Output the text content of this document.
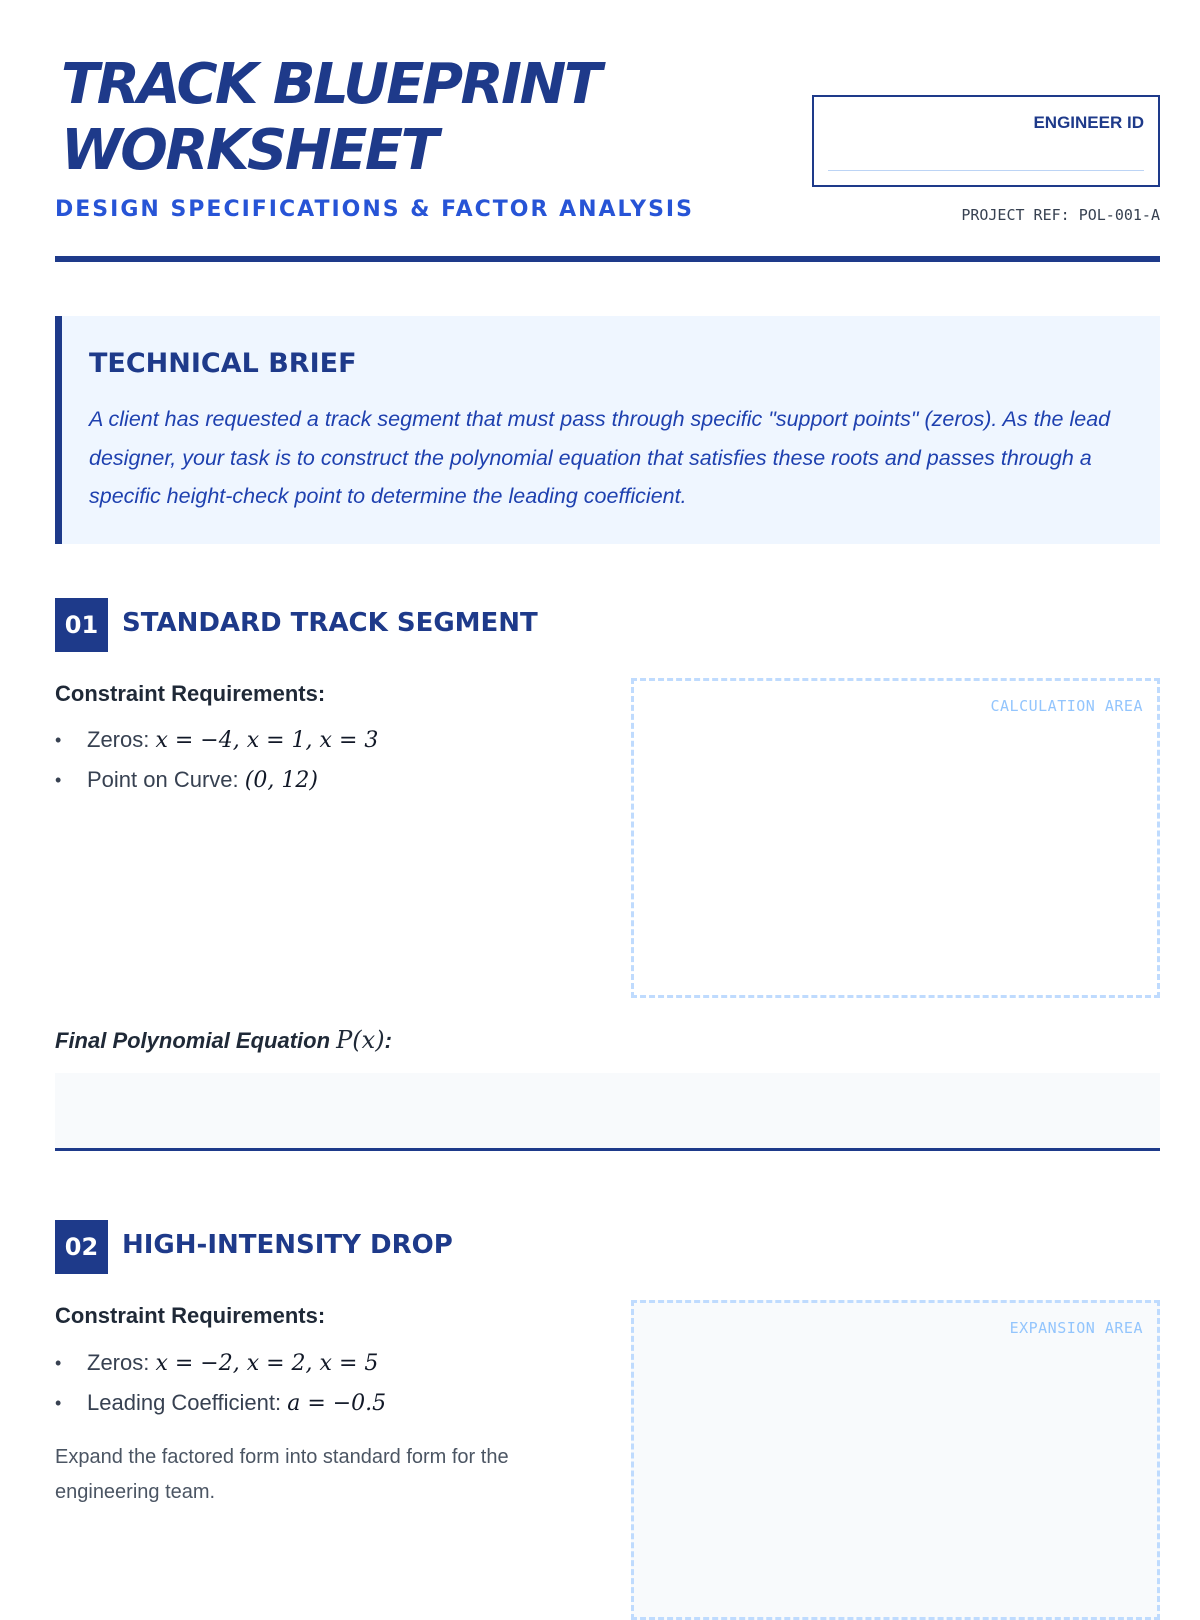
TRACK BLUEPRINT
WORKSHEET
DESIGN SPECIFICATIONS & FACTOR ANALYSIS
ENGINEER ID
PROJECT REF: POL-001-A
TECHNICAL BRIEF

A client has requested a track segment that must pass through specific "support points" (zeros). As the lead designer, your task is to construct the polynomial equation that satisfies these roots and passes through a specific height-check point to determine the leading coefficient.

01 STANDARD TRACK SEGMENT
Constraint Requirements:
• Zeros: x = −4, x = 1, x = 3
• Point on Curve: (0, 12)
CALCULATION AREA
Final Polynomial Equation P(x):
02 HIGH-INTENSITY DROP
Constraint Requirements:
• Zeros: x = −2, x = 2, x = 5
• Leading Coefficient: a = −0.5

Expand the factored form into standard form for the engineering team.

EXPANSION AREA
